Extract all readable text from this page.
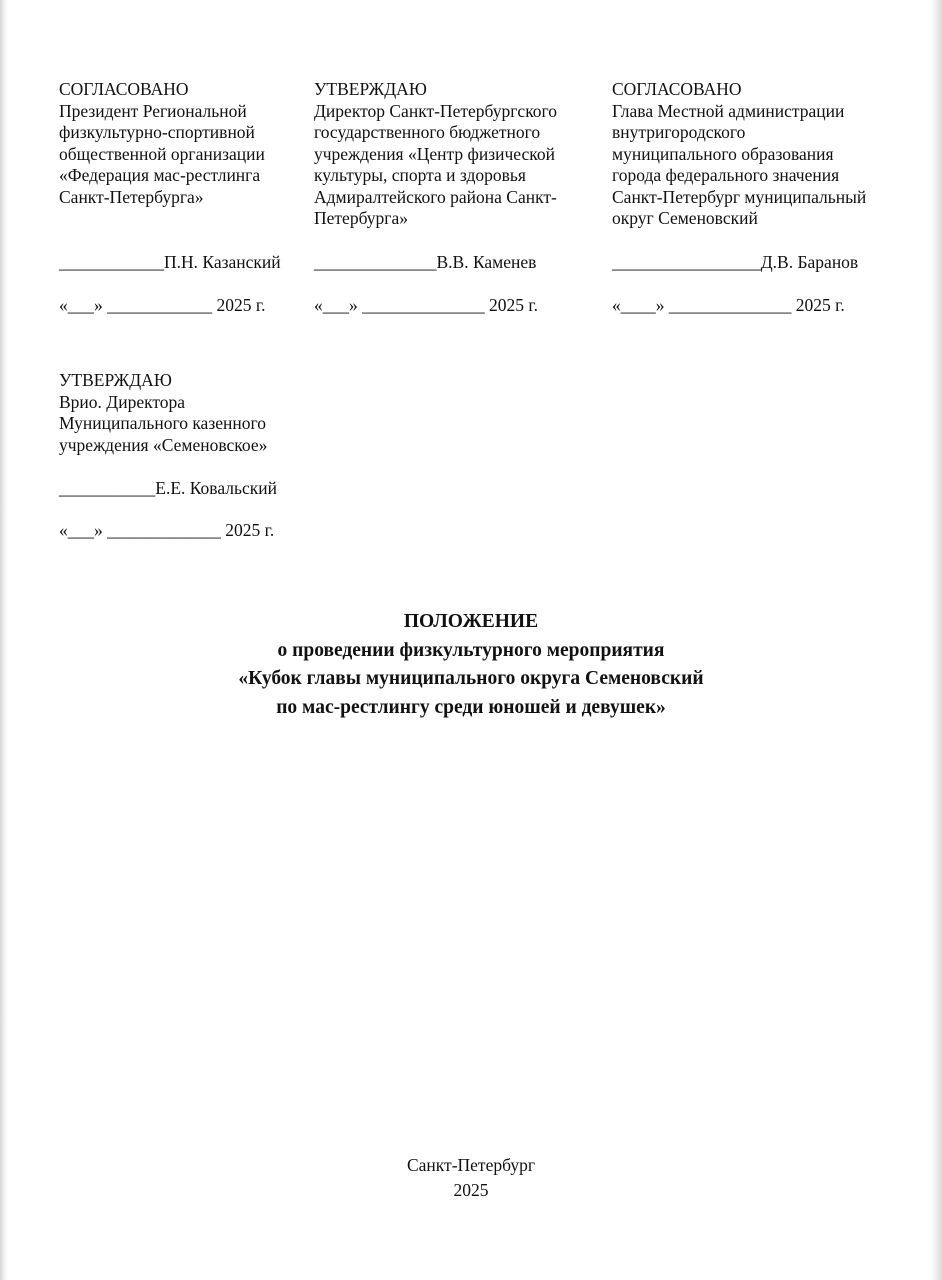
СОГЛАСОВАНО
Президент Региональной
физкультурно-спортивной
общественной организации
«Федерация мас-рестлинга
Санкт-Петербурга»
____________П.Н. Казанский
«___» ____________ 2025 г.
УТВЕРЖДАЮ
Директор Санкт-Петербургского
государственного бюджетного
учреждения «Центр физической
культуры, спорта и здоровья
Адмиралтейского района Санкт-
Петербурга»
______________В.В. Каменев
«___» ______________ 2025 г.
СОГЛАСОВАНО
Глава Местной администрации
внутригородского
муниципального образования
города федерального значения
Санкт-Петербург муниципальный
округ Семеновский
_________________Д.В. Баранов
«____» ______________ 2025 г.
УТВЕРЖДАЮ
Врио. Директора
Муниципального казенного
учреждения «Семеновское»
___________Е.Е. Ковальский
«___» _____________ 2025 г.
ПОЛОЖЕНИЕ
о проведении физкультурного мероприятия
«Кубок главы муниципального округа Семеновский
по мас-рестлингу среди юношей и девушек»
Санкт-Петербург
2025
